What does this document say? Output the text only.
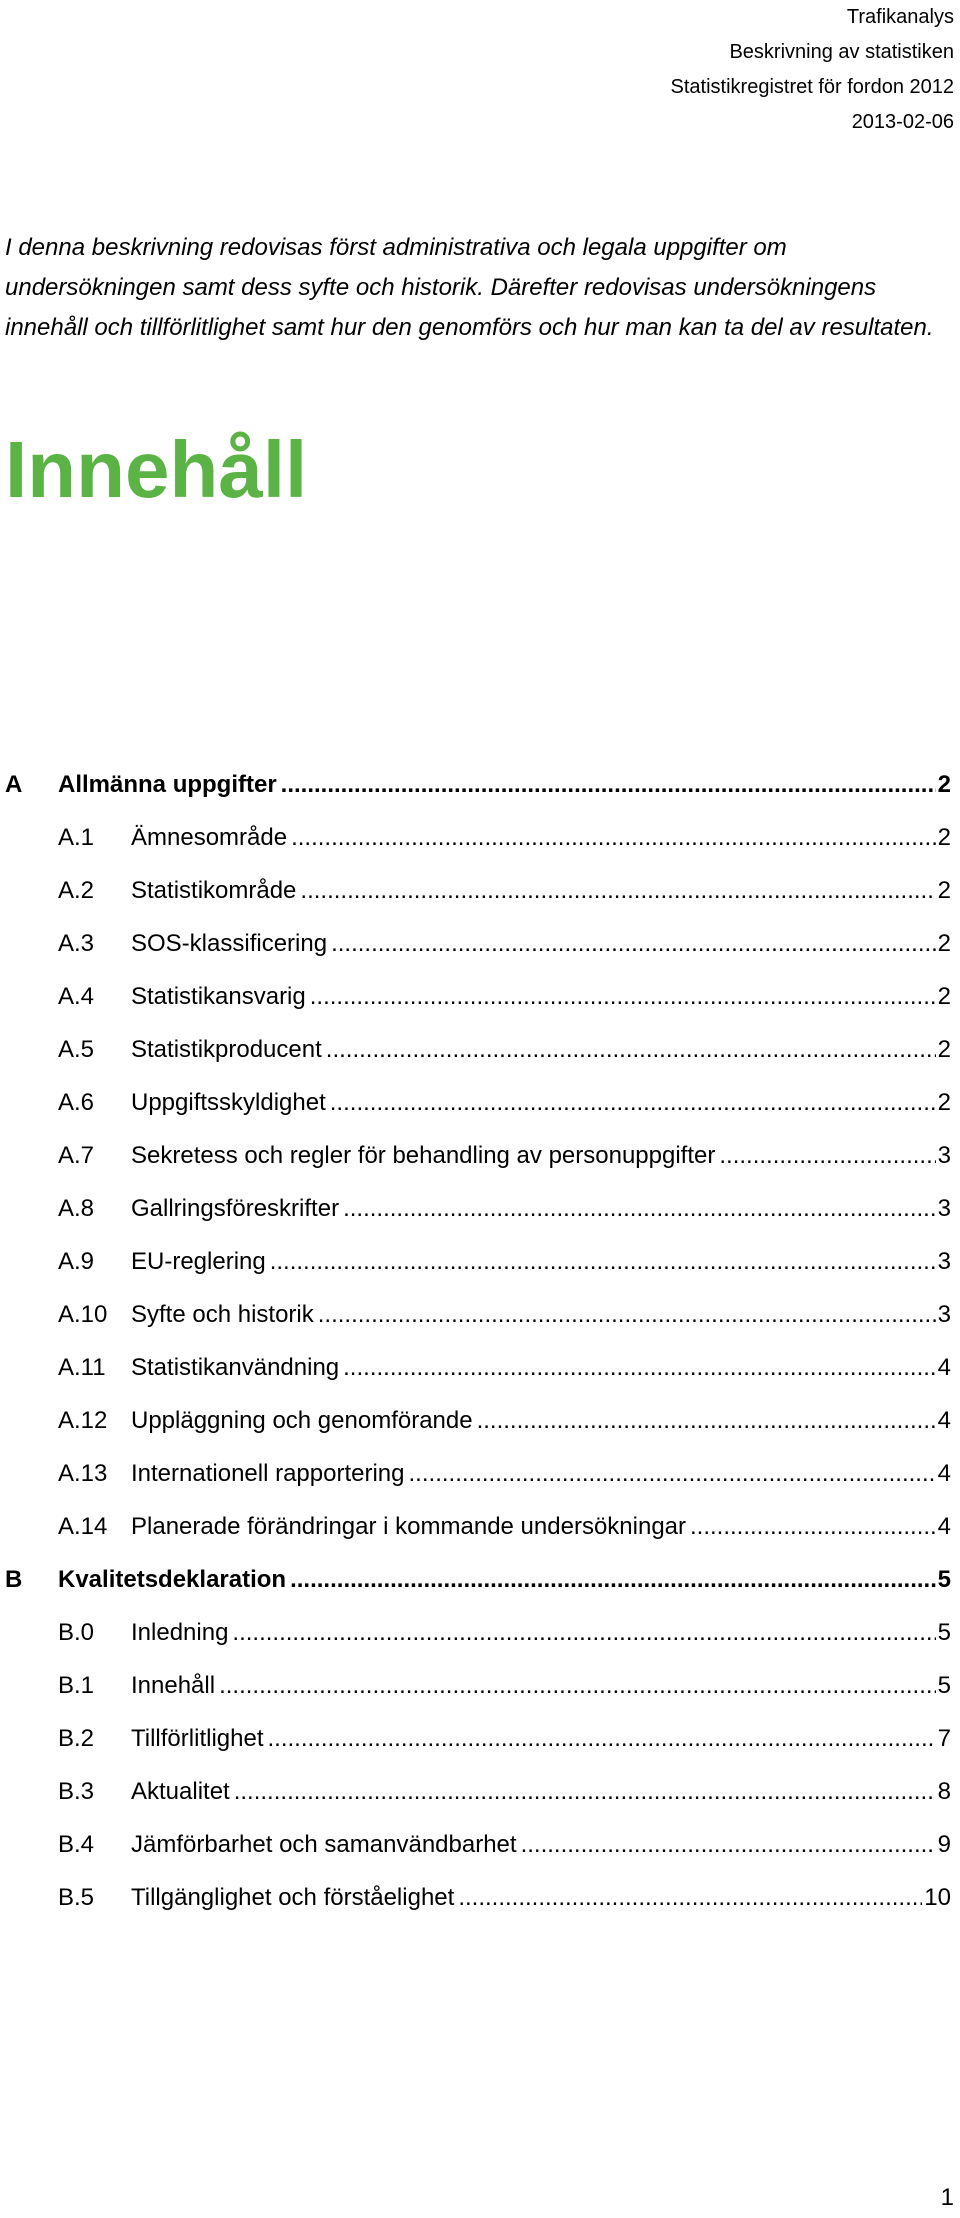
Trafikanalys
Beskrivning av statistiken
Statistikregistret för fordon 2012
2013-02-06

I denna beskrivning redovisas först administrativa och legala uppgifter om undersökningen samt dess syfte och historik. Därefter redovisas undersökningens innehåll och tillförlitlighet samt hur den genomförs och hur man kan ta del av resultaten.

Innehåll
A	Allmänna uppgifter .....	2
A.1	Ämnesområde .....	2
A.2	Statistikområde .....	2
A.3	SOS-klassificering .....	2
A.4	Statistikansvarig .....	2
A.5	Statistikproducent .....	2
A.6	Uppgiftsskyldighet .....	2
A.7	Sekretess och regler för behandling av personuppgifter .....	3
A.8	Gallringsföreskrifter .....	3
A.9	EU-reglering .....	3
A.10 Syfte och historik .....	3
A.11	Statistikanvändning .....	4
A.12 Uppläggning och genomförande .....	4
A.13 Internationell rapportering .....	4
A.14 Planerade förändringar i kommande undersökningar .....	4
B	Kvalitetsdeklaration .....	5
B.0	Inledning .....	5
B.1	Innehåll .....	5
B.2	Tillförlitlighet .....	7
B.3	Aktualitet .....	8
B.4	Jämförbarhet och samanvändbarhet .....	9
B.5	Tillgänglighet och förståelighet .....	10
1
